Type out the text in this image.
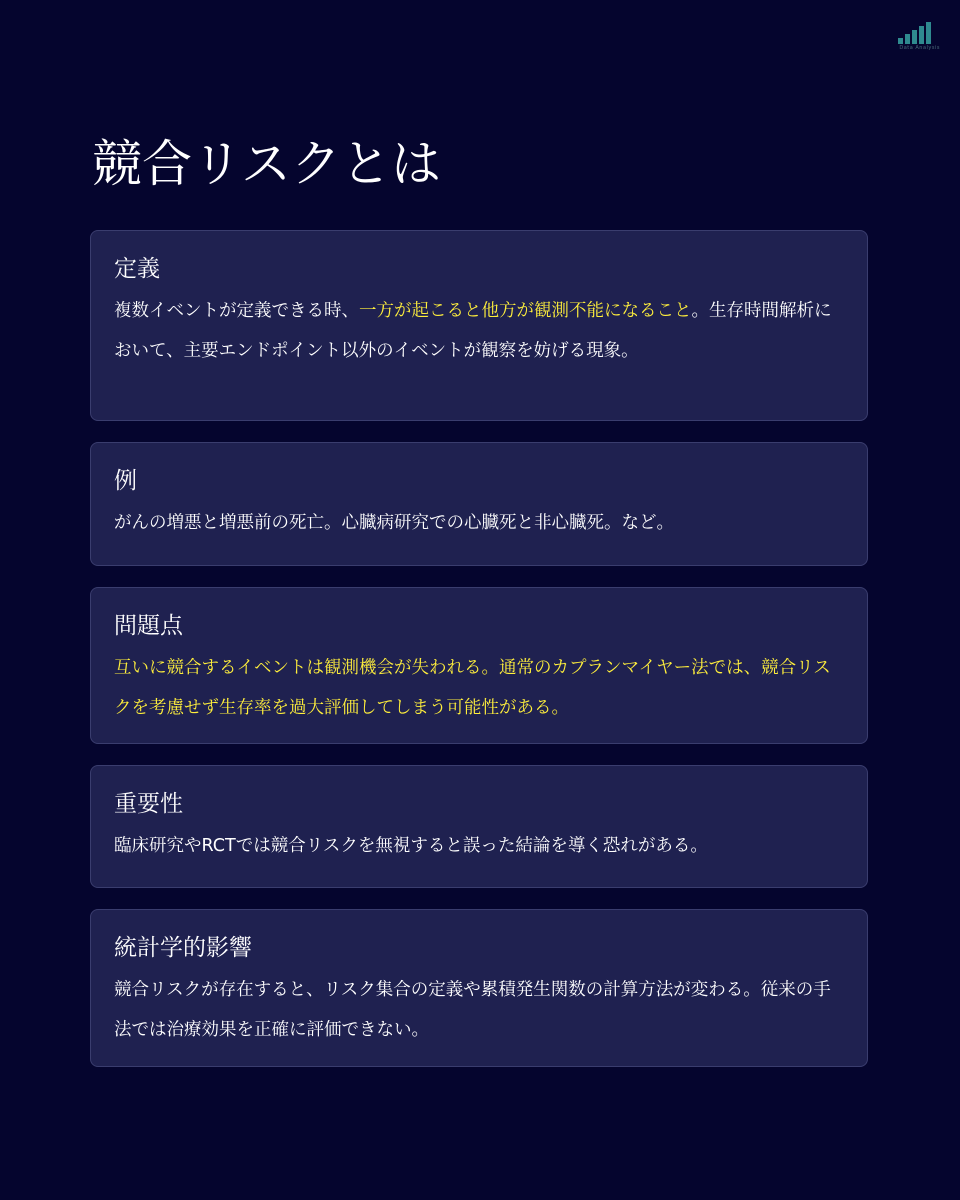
Data Analysis
競合リスクとは
定義
複数イベントが定義できる時、一方が起こると他方が観測不能になること。生存時間解析において、主要エンドポイント以外のイベントが観察を妨げる現象。
例
がんの増悪と増悪前の死亡。心臓病研究での心臓死と非心臓死。など。
問題点
互いに競合するイベントは観測機会が失われる。通常のカプランマイヤー法では、競合リスクを考慮せず生存率を過大評価してしまう可能性がある。
重要性
臨床研究やRCTでは競合リスクを無視すると誤った結論を導く恐れがある。
統計学的影響
競合リスクが存在すると、リスク集合の定義や累積発生関数の計算方法が変わる。従来の手法では治療効果を正確に評価できない。
